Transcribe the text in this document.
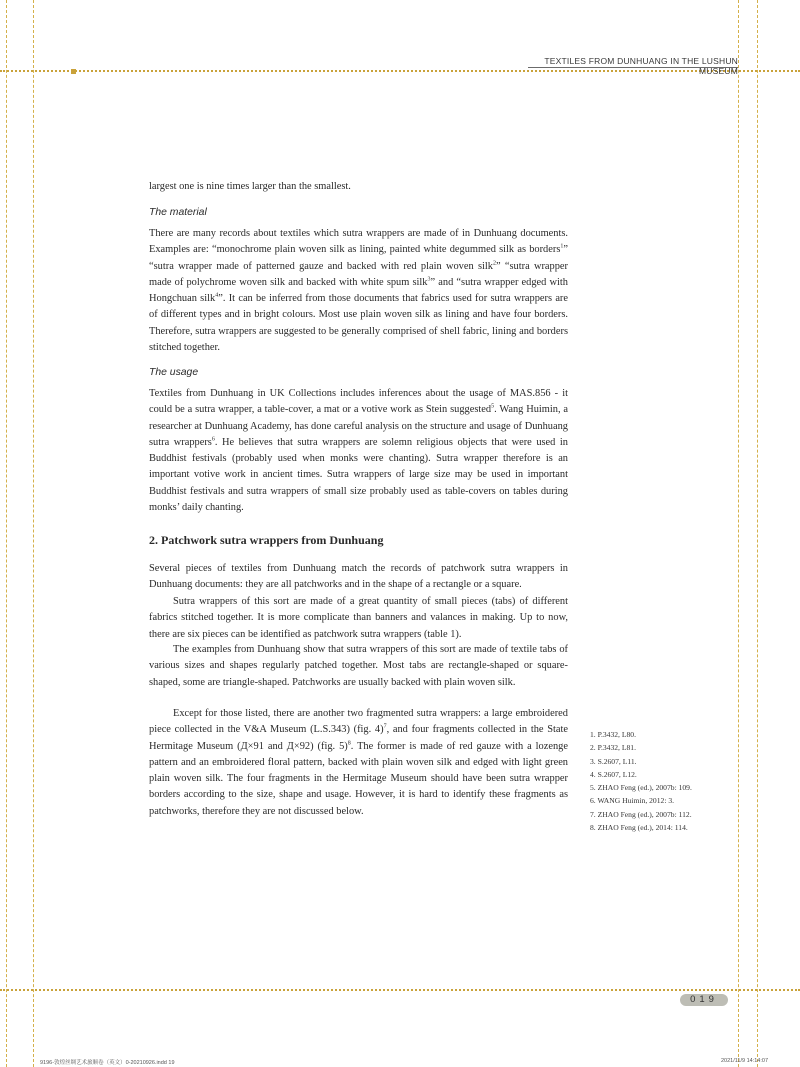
TEXTILES FROM DUNHUANG IN THE LUSHUN MUSEUM

largest one is nine times larger than the smallest.

The material

There are many records about textiles which sutra wrappers are made of in Dunhuang documents. Examples are: “monochrome plain woven silk as lining, painted white degummed silk as borders$^1$” “sutra wrapper made of patterned gauze and backed with red plain woven silk$^2$” “sutra wrapper made of polychrome woven silk and backed with white spum silk$^3$” and “sutra wrapper edged with Hongchuan silk$^4$”. It can be inferred from those documents that fabrics used for sutra wrappers are of different types and in bright colours. Most use plain woven silk as lining and have four borders. Therefore, sutra wrappers are suggested to be generally comprised of shell fabric, lining and borders stitched together.

The usage

Textiles from Dunhuang in UK Collections includes inferences about the usage of MAS.856 - it could be a sutra wrapper, a table-cover, a mat or a votive work as Stein suggested$^5$. Wang Huimin, a researcher at Dunhuang Academy, has done careful analysis on the structure and usage of Dunhuang sutra wrappers$^6$. He believes that sutra wrappers are solemn religious objects that were used in Buddhist festivals (probably used when monks were chanting). Sutra wrapper therefore is an important votive work in ancient times. Sutra wrappers of large size may be used in important Buddhist festivals and sutra wrappers of small size probably used as table-covers on tables during monks’ daily chanting.

2. Patchwork sutra wrappers from Dunhuang

Several pieces of textiles from Dunhuang match the records of patchwork sutra wrappers in Dunhuang documents: they are all patchworks and in the shape of a rectangle or a square.

Sutra wrappers of this sort are made of a great quantity of small pieces (tabs) of different fabrics stitched together. It is more complicate than banners and valances in making. Up to now, there are six pieces can be identified as patchwork sutra wrappers (table 1).

The examples from Dunhuang show that sutra wrappers of this sort are made of textile tabs of various sizes and shapes regularly patched together. Most tabs are rectangle-shaped or square-shaped, some are triangle-shaped. Patchworks are usually backed with plain woven silk.

Except for those listed, there are another two fragmented sutra wrappers: a large embroidered piece collected in the V&A Museum (L.S.343) (fig. 4)$^7$, and four fragments collected in the State Hermitage Museum (Д×91 and Д×92) (fig. 5)$^8$. The former is made of red gauze with a lozenge pattern and an embroidered floral pattern, backed with plain woven silk and edged with light green plain woven silk. The four fragments in the Hermitage Museum should have been sutra wrapper borders according to the size, shape and usage. However, it is hard to identify these fragments as patchworks, therefore they are not discussed below.

1. P.3432, L80.
2. P.3432, L81.
3. S.2607, L11.
4. S.2607, L12.
5. ZHAO Feng (ed.), 2007b: 109.
6. WANG Huimin, 2012: 3.
7. ZHAO Feng (ed.), 2007b: 112.
8. ZHAO Feng (ed.), 2014: 114.
019
9196-敦煌丝绸艺术旅顺卷（英文）0-20210926.indd 19	2021/11/9 14:14:07
